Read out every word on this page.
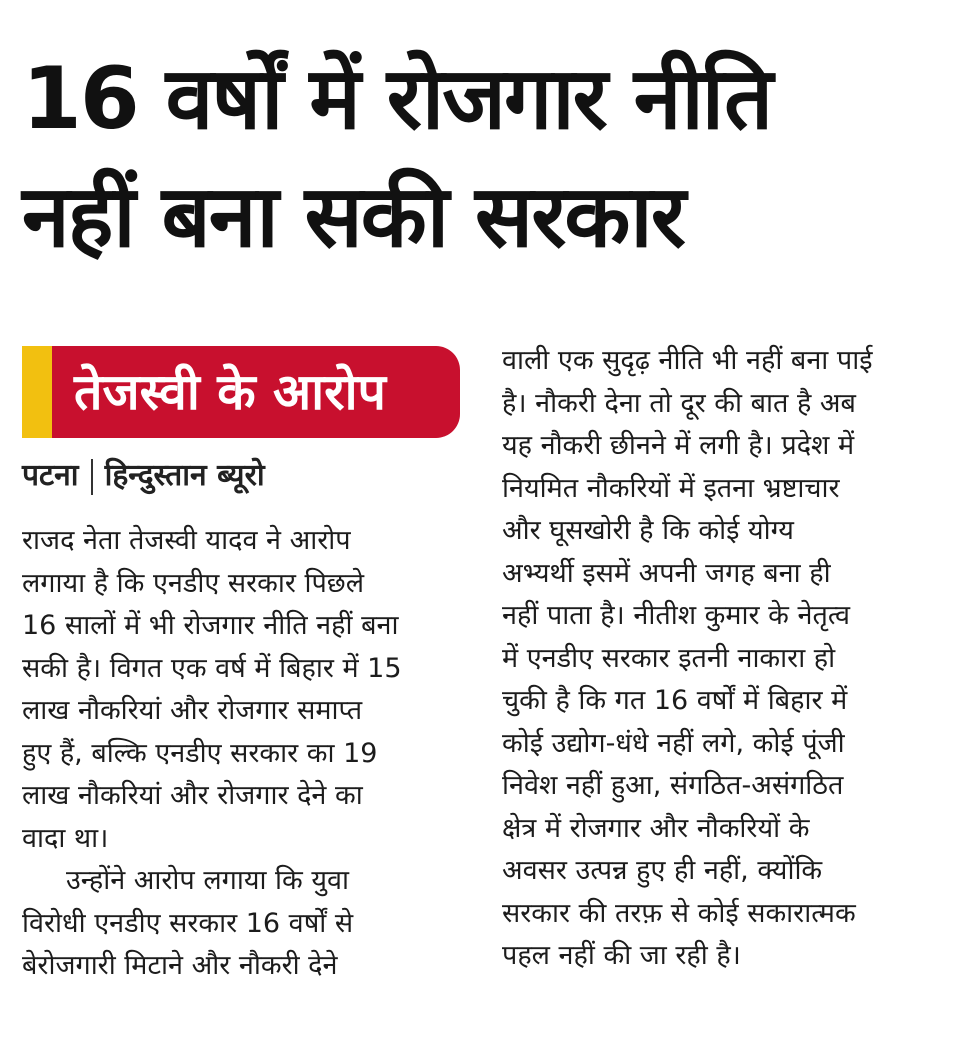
16 वर्षों में रोजगार नीति
नहीं बना सकी सरकार
तेजस्वी के आरोप
पटना हिन्दुस्तान ब्यूरो
राजद नेता तेजस्वी यादव ने आरोप
लगाया है कि एनडीए सरकार पिछले
16 सालों में भी रोजगार नीति नहीं बना
सकी है। विगत एक वर्ष में बिहार में 15
लाख नौकरियां और रोजगार समाप्त
हुए हैं, बल्कि एनडीए सरकार का 19
लाख नौकरियां और रोजगार देने का
वादा था।
उन्होंने आरोप लगाया कि युवा
विरोधी एनडीए सरकार 16 वर्षों से
बेरोजगारी मिटाने और नौकरी देने
वाली एक सुदृढ़ नीति भी नहीं बना पाई
है। नौकरी देना तो दूर की बात है अब
यह नौकरी छीनने में लगी है। प्रदेश में
नियमित नौकरियों में इतना भ्रष्टाचार
और घूसखोरी है कि कोई योग्य
अभ्यर्थी इसमें अपनी जगह बना ही
नहीं पाता है। नीतीश कुमार के नेतृत्व
में एनडीए सरकार इतनी नाकारा हो
चुकी है कि गत 16 वर्षों में बिहार में
कोई उद्योग-धंधे नहीं लगे, कोई पूंजी
निवेश नहीं हुआ, संगठित-असंगठित
क्षेत्र में रोजगार और नौकरियों के
अवसर उत्पन्न हुए ही नहीं, क्योंकि
सरकार की तरफ़ से कोई सकारात्मक
पहल नहीं की जा रही है।
